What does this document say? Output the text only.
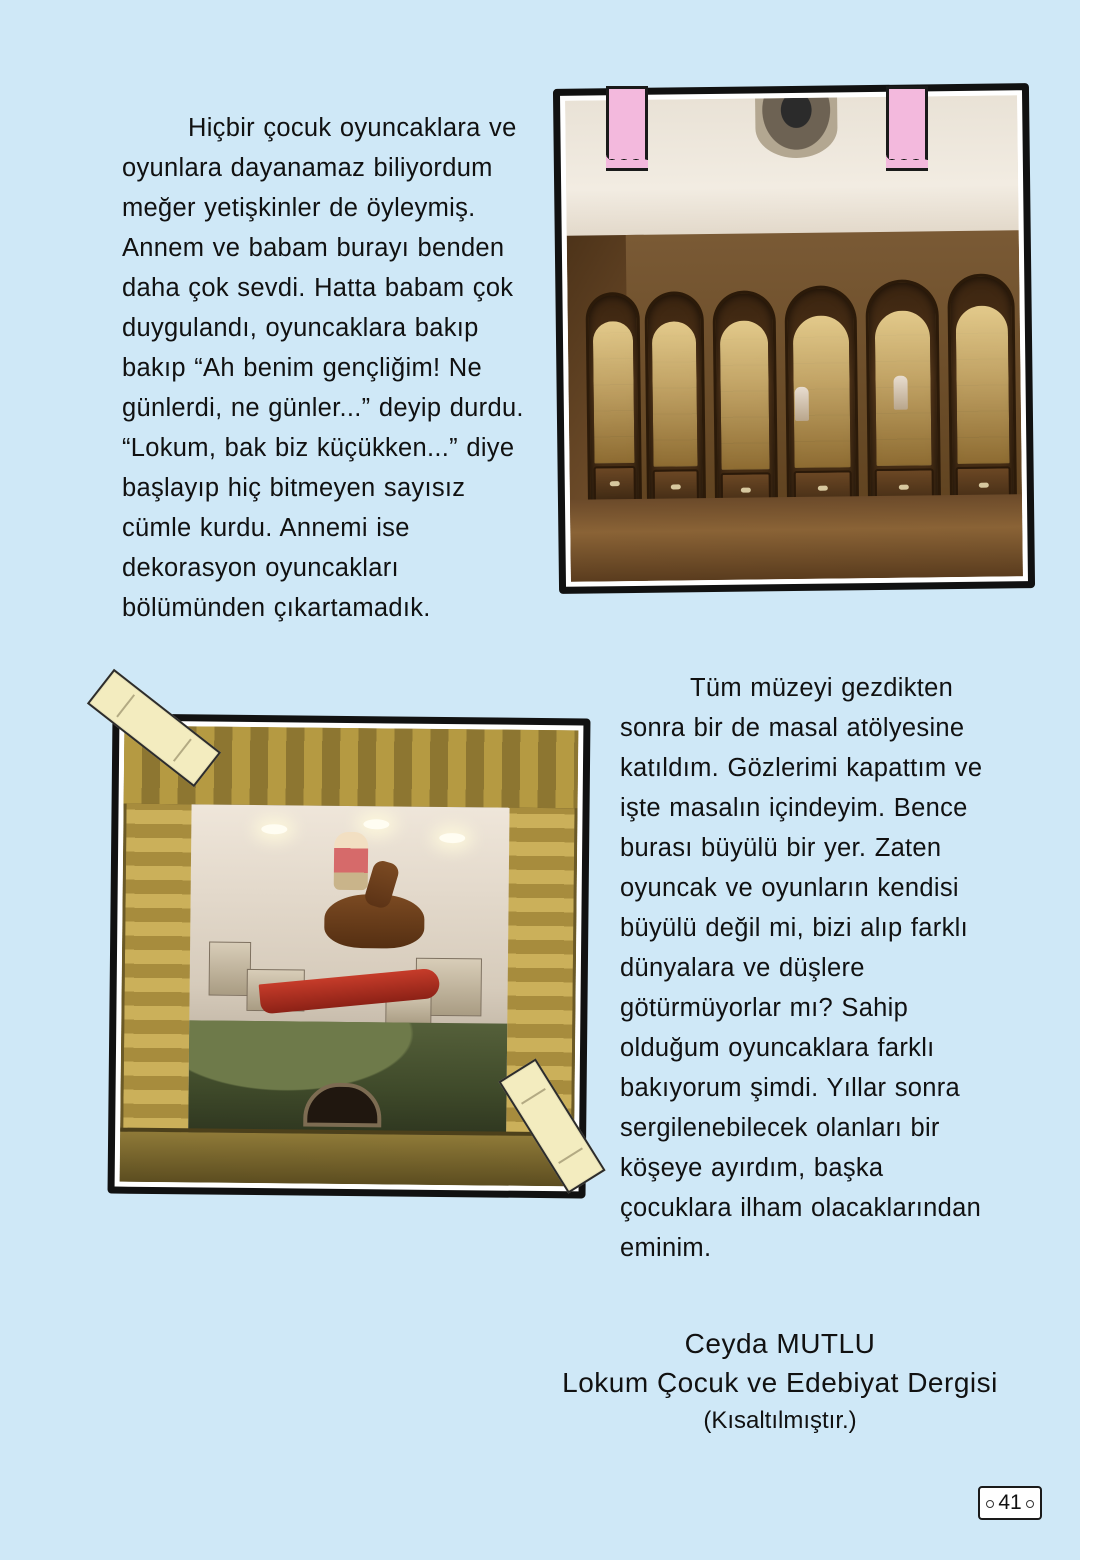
Hiçbir çocuk oyuncaklara ve oyunlara dayanamaz biliyordum meğer yetişkinler de öyleymiş. Annem ve babam burayı benden daha çok sevdi. Hatta babam çok duygulandı, oyuncaklara bakıp bakıp “Ah benim gençliğim! Ne günlerdi, ne günler...” deyip durdu. “Lokum, bak biz küçükken...” diye başlayıp hiç bitmeyen sayısız cümle kurdu. Annemi ise dekorasyon oyuncakları bölümünden çıkartamadık.
Tüm müzeyi gezdikten sonra bir de masal atölyesine katıldım. Gözlerimi kapattım ve işte masalın içindeyim. Bence burası büyülü bir yer. Zaten oyuncak ve oyunların kendisi büyülü değil mi, bizi alıp farklı dünyalara ve düşlere götürmüyorlar mı? Sahip olduğum oyuncaklara farklı bakıyorum şimdi. Yıllar sonra sergilenebilecek olanları bir köşeye ayırdım, başka çocuklara ilham olacaklarından eminim.
Ceyda MUTLU
Lokum Çocuk ve Edebiyat Dergisi
(Kısaltılmıştır.)
41
